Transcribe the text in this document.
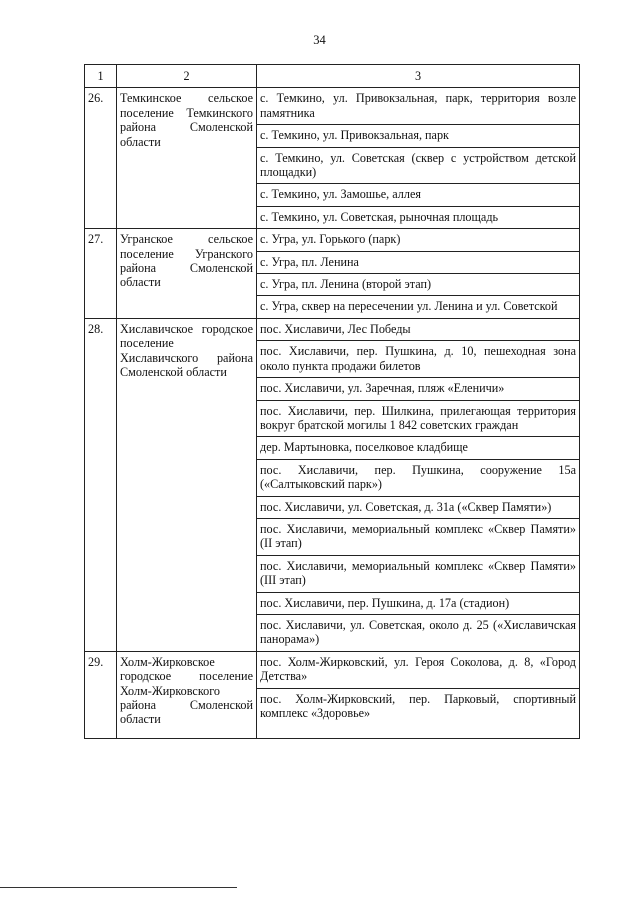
34
1	2	3
26.	Темкинское сельское поселение Темкинского района Смоленской области	с. Темкино, ул. Привокзальная, парк, территория возле памятника
		с. Темкино, ул. Привокзальная, парк
		с. Темкино, ул. Советская (сквер с устройством детской площадки)
		с. Темкино, ул. Замошье, аллея
		с. Темкино, ул. Советская, рыночная площадь
27.	Угранское сельское поселение Угранского района Смоленской области	с. Угра, ул. Горького (парк)
		с. Угра, пл. Ленина
		с. Угра, пл. Ленина (второй этап)
		с. Угра, сквер на пересечении ул. Ленина и ул. Советской
28.	Хиславичское городское поселение Хиславичского района Смоленской области	пос. Хиславичи, Лес Победы
		пос. Хиславичи, пер. Пушкина, д. 10, пешеходная зона около пункта продажи билетов
		пос. Хиславичи, ул. Заречная, пляж «Еленичи»
		пос. Хиславичи, пер. Шилкина, прилегающая территория вокруг братской могилы 1 842 советских граждан
		дер. Мартыновка, поселковое кладбище
		пос. Хиславичи, пер. Пушкина, сооружение 15а («Салтыковский парк»)
		пос. Хиславичи, ул. Советская, д. 31а («Сквер Памяти»)
		пос. Хиславичи, мемориальный комплекс «Сквер Памяти» (II этап)
		пос. Хиславичи, мемориальный комплекс «Сквер Памяти» (III этап)
		пос. Хиславичи, пер. Пушкина, д. 17а (стадион)
		пос. Хиславичи, ул. Советская, около д. 25 («Хиславичская панорама»)
29.	Холм-Жирковское городское поселение Холм-Жирковского района Смоленской области	пос. Холм-Жирковский, ул. Героя Соколова, д. 8, «Город Детства»
		пос. Холм-Жирковский, пер. Парковый, спортивный комплекс «Здоровье»
